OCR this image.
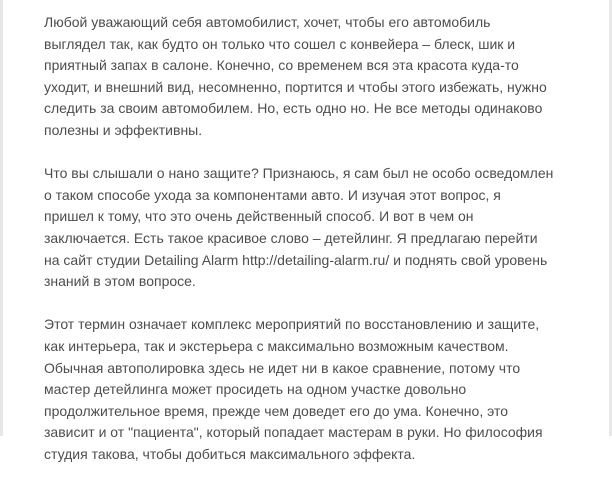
Любой уважающий себя автомобилист, хочет, чтобы его автомобиль
выглядел так, как будто он только что сошел с конвейера – блеск, шик и
приятный запах в салоне. Конечно, со временем вся эта красота куда-то
уходит, и внешний вид, несомненно, портится и чтобы этого избежать, нужно
следить за своим автомобилем. Но, есть одно но. Не все методы одинаково
полезны и эффективны.

Что вы слышали о нано защите? Признаюсь, я сам был не особо осведомлен
о таком способе ухода за компонентами авто. И изучая этот вопрос, я
пришел к тому, что это очень действенный способ. И вот в чем он
заключается. Есть такое красивое слово – детейлинг. Я предлагаю перейти
на сайт студии Detailing Alarm http://detailing-alarm.ru/ и поднять свой уровень
знаний в этом вопросе.

Этот термин означает комплекс мероприятий по восстановлению и защите,
как интерьера, так и экстерьера с максимально возможным качеством.
Обычная автополировка здесь не идет ни в какое сравнение, потому что
мастер детейлинга может просидеть на одном участке довольно
продолжительное время, прежде чем доведет его до ума. Конечно, это
зависит и от "пациента", который попадает мастерам в руки. Но философия
студия такова, чтобы добиться максимального эффекта.
